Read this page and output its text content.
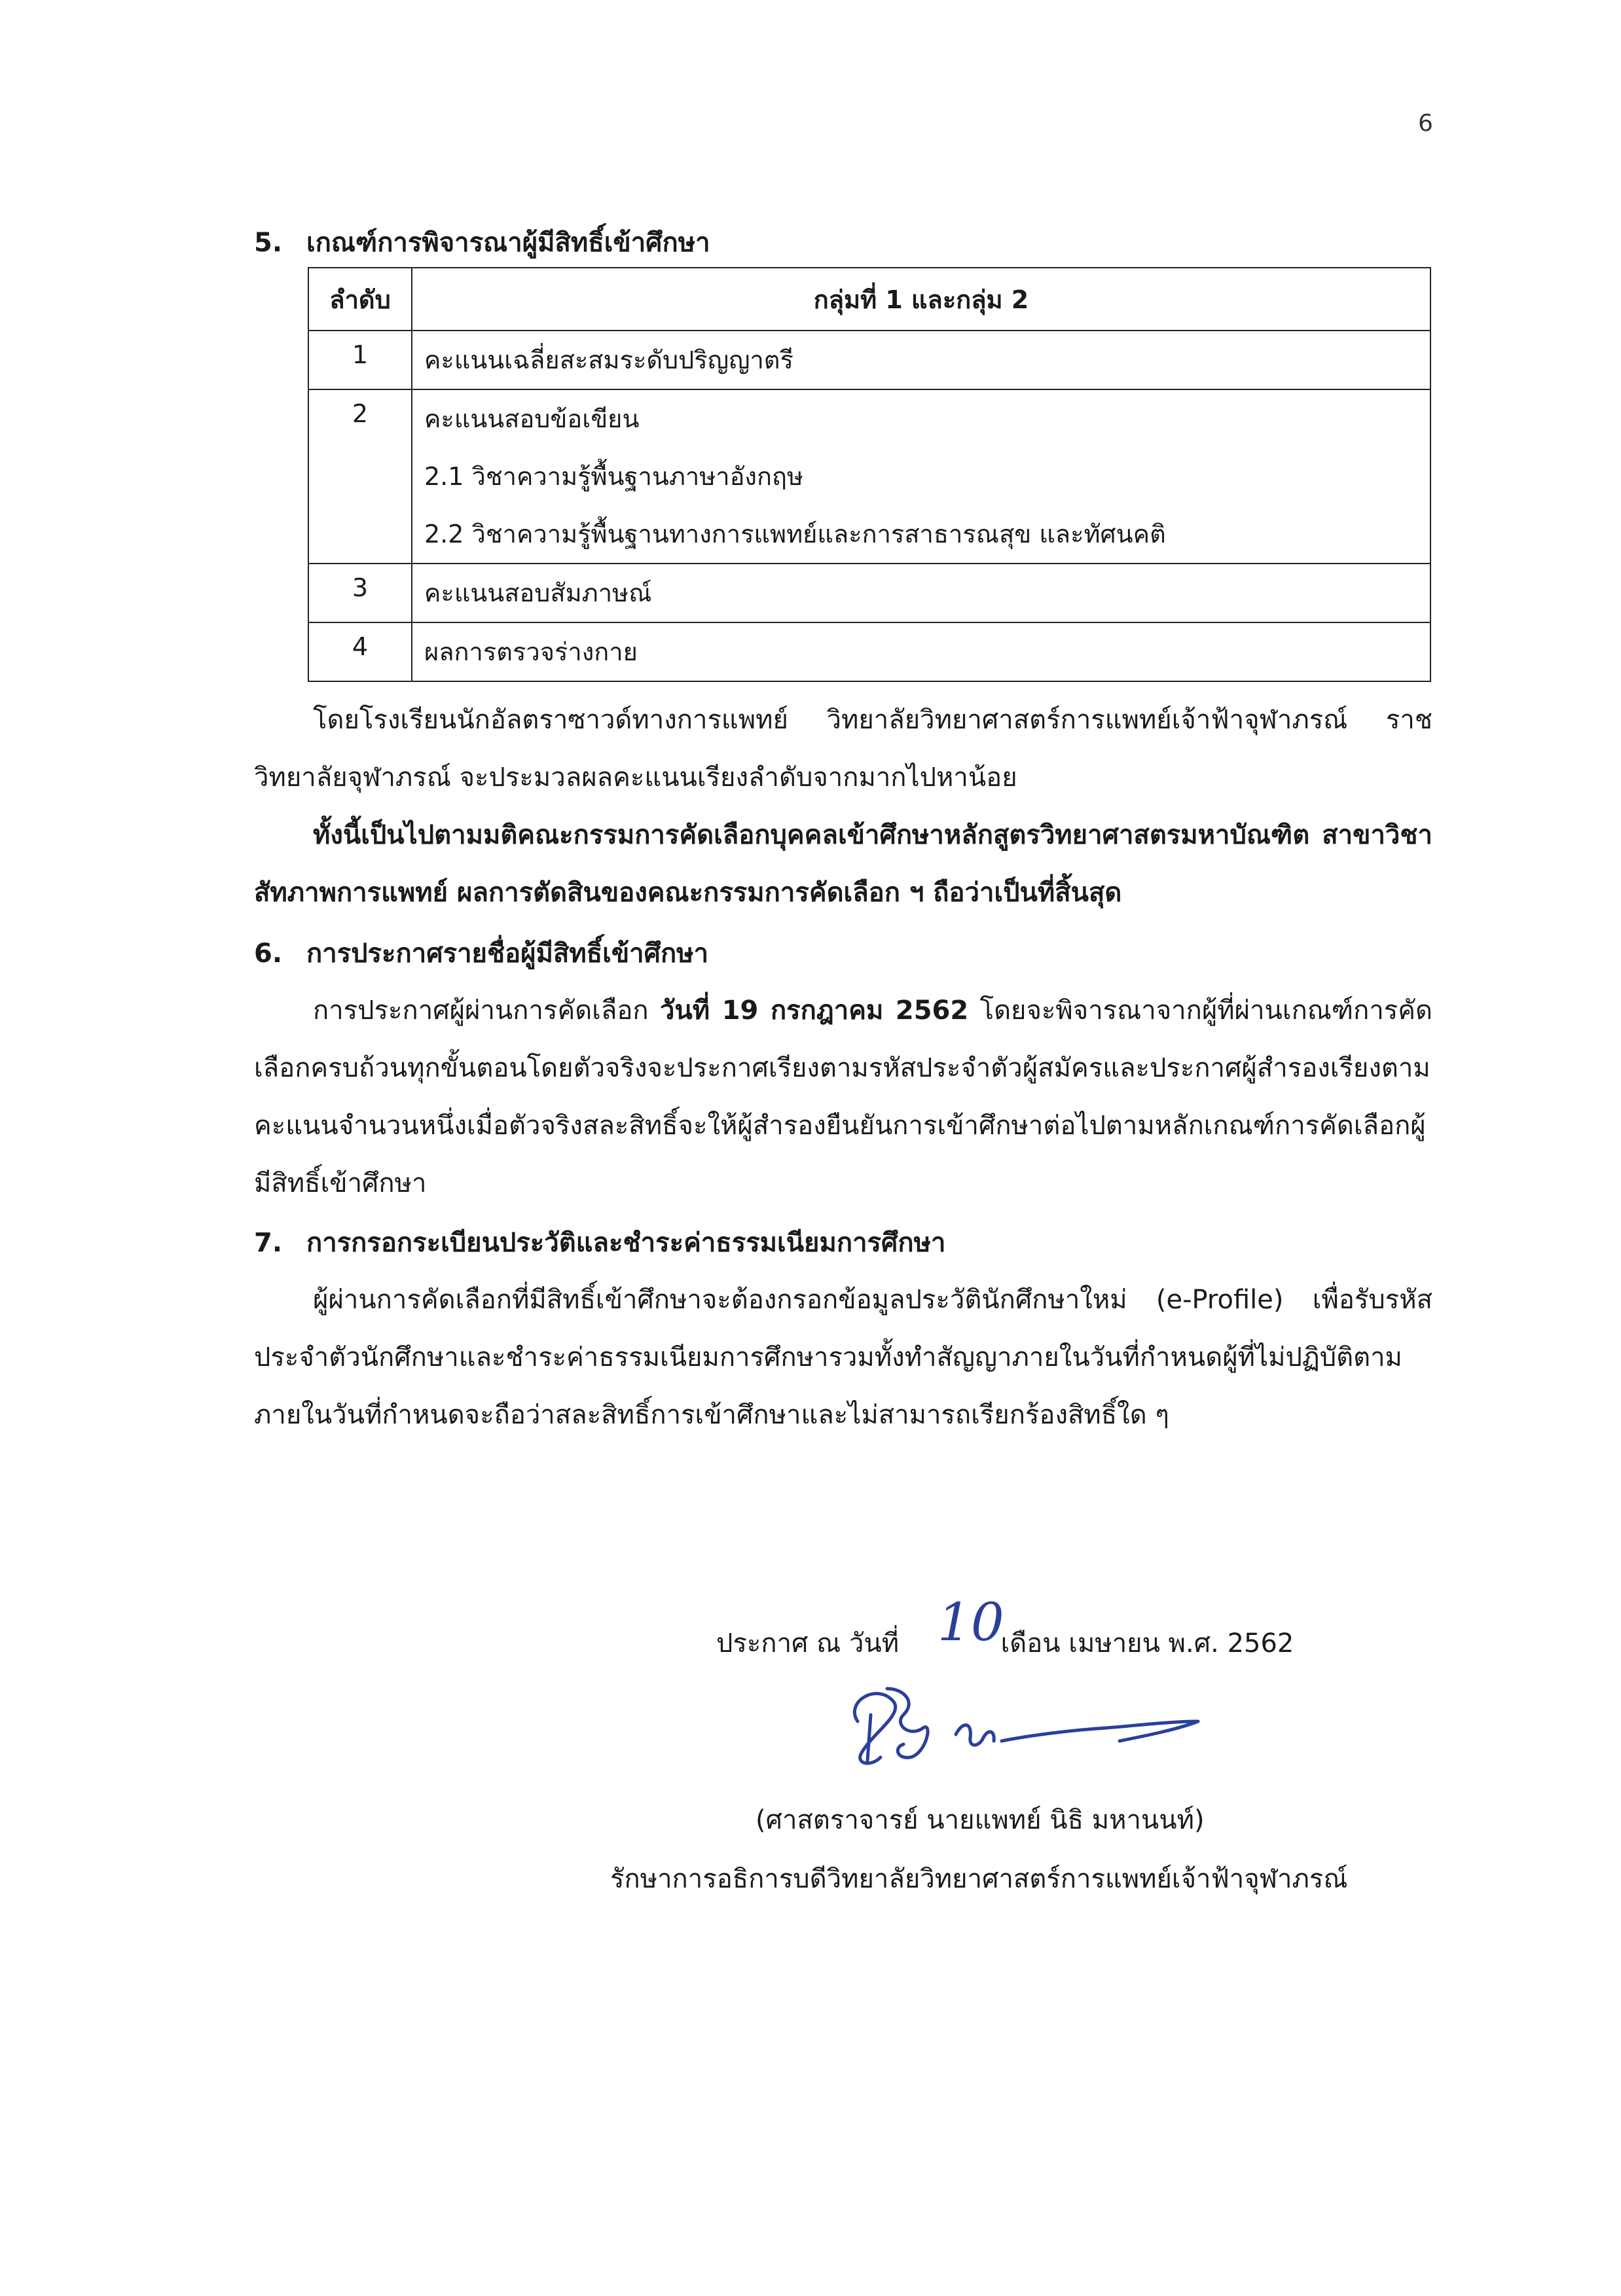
6
5. เกณฑ์การพิจารณาผู้มีสิทธิ์เข้าศึกษา
ลำดับ	กลุ่มที่ 1 และกลุ่ม 2
1	คะแนนเฉลี่ยสะสมระดับปริญญาตรี

2	คะแนนสอบข้อเขียน
2.1 วิชาความรู้พื้นฐานภาษาอังกฤษ
2.2 วิชาความรู้พื้นฐานทางการแพทย์และการสาธารณสุข และทัศนคติ

3	คะแนนสอบสัมภาษณ์

4	ผลการตรวจร่างกาย

โดยโรงเรียนนักอัลตราซาวด์ทางการแพทย์ วิทยาลัยวิทยาศาสตร์การแพทย์เจ้าฟ้าจุฬาภรณ์ ราชวิทยาลัยจุฬาภรณ์ จะประมวลผลคะแนนเรียงลำดับจากมากไปหาน้อย

ทั้งนี้เป็นไปตามมติคณะกรรมการคัดเลือกบุคคลเข้าศึกษาหลักสูตรวิทยาศาสตรมหาบัณฑิต สาขาวิชาสัทภาพการแพทย์ ผลการตัดสินของคณะกรรมการคัดเลือก ฯ ถือว่าเป็นที่สิ้นสุด

6. การประกาศรายชื่อผู้มีสิทธิ์เข้าศึกษา

การประกาศผู้ผ่านการคัดเลือก วันที่ 19 กรกฎาคม 2562 โดยจะพิจารณาจากผู้ที่ผ่านเกณฑ์การคัดเลือกครบถ้วนทุกขั้นตอนโดยตัวจริงจะประกาศเรียงตามรหัสประจำตัวผู้สมัครและประกาศผู้สำรองเรียงตามคะแนนจำนวนหนึ่งเมื่อตัวจริงสละสิทธิ์จะให้ผู้สำรองยืนยันการเข้าศึกษาต่อไปตามหลักเกณฑ์การคัดเลือกผู้มีสิทธิ์เข้าศึกษา

7. การกรอกระเบียนประวัติและชำระค่าธรรมเนียมการศึกษา

ผู้ผ่านการคัดเลือกที่มีสิทธิ์เข้าศึกษาจะต้องกรอกข้อมูลประวัตินักศึกษาใหม่ (e-Profile) เพื่อรับรหัสประจำตัวนักศึกษาและชำระค่าธรรมเนียมการศึกษารวมทั้งทำสัญญาภายในวันที่กำหนดผู้ที่ไม่ปฏิบัติตามภายในวันที่กำหนดจะถือว่าสละสิทธิ์การเข้าศึกษาและไม่สามารถเรียกร้องสิทธิ์ใด ๆ

ประกาศ ณ วันที่	เดือน เมษายน พ.ศ. 2562
10
(ศาสตราจารย์ นายแพทย์ นิธิ มหานนท์)
รักษาการอธิการบดีวิทยาลัยวิทยาศาสตร์การแพทย์เจ้าฟ้าจุฬาภรณ์
